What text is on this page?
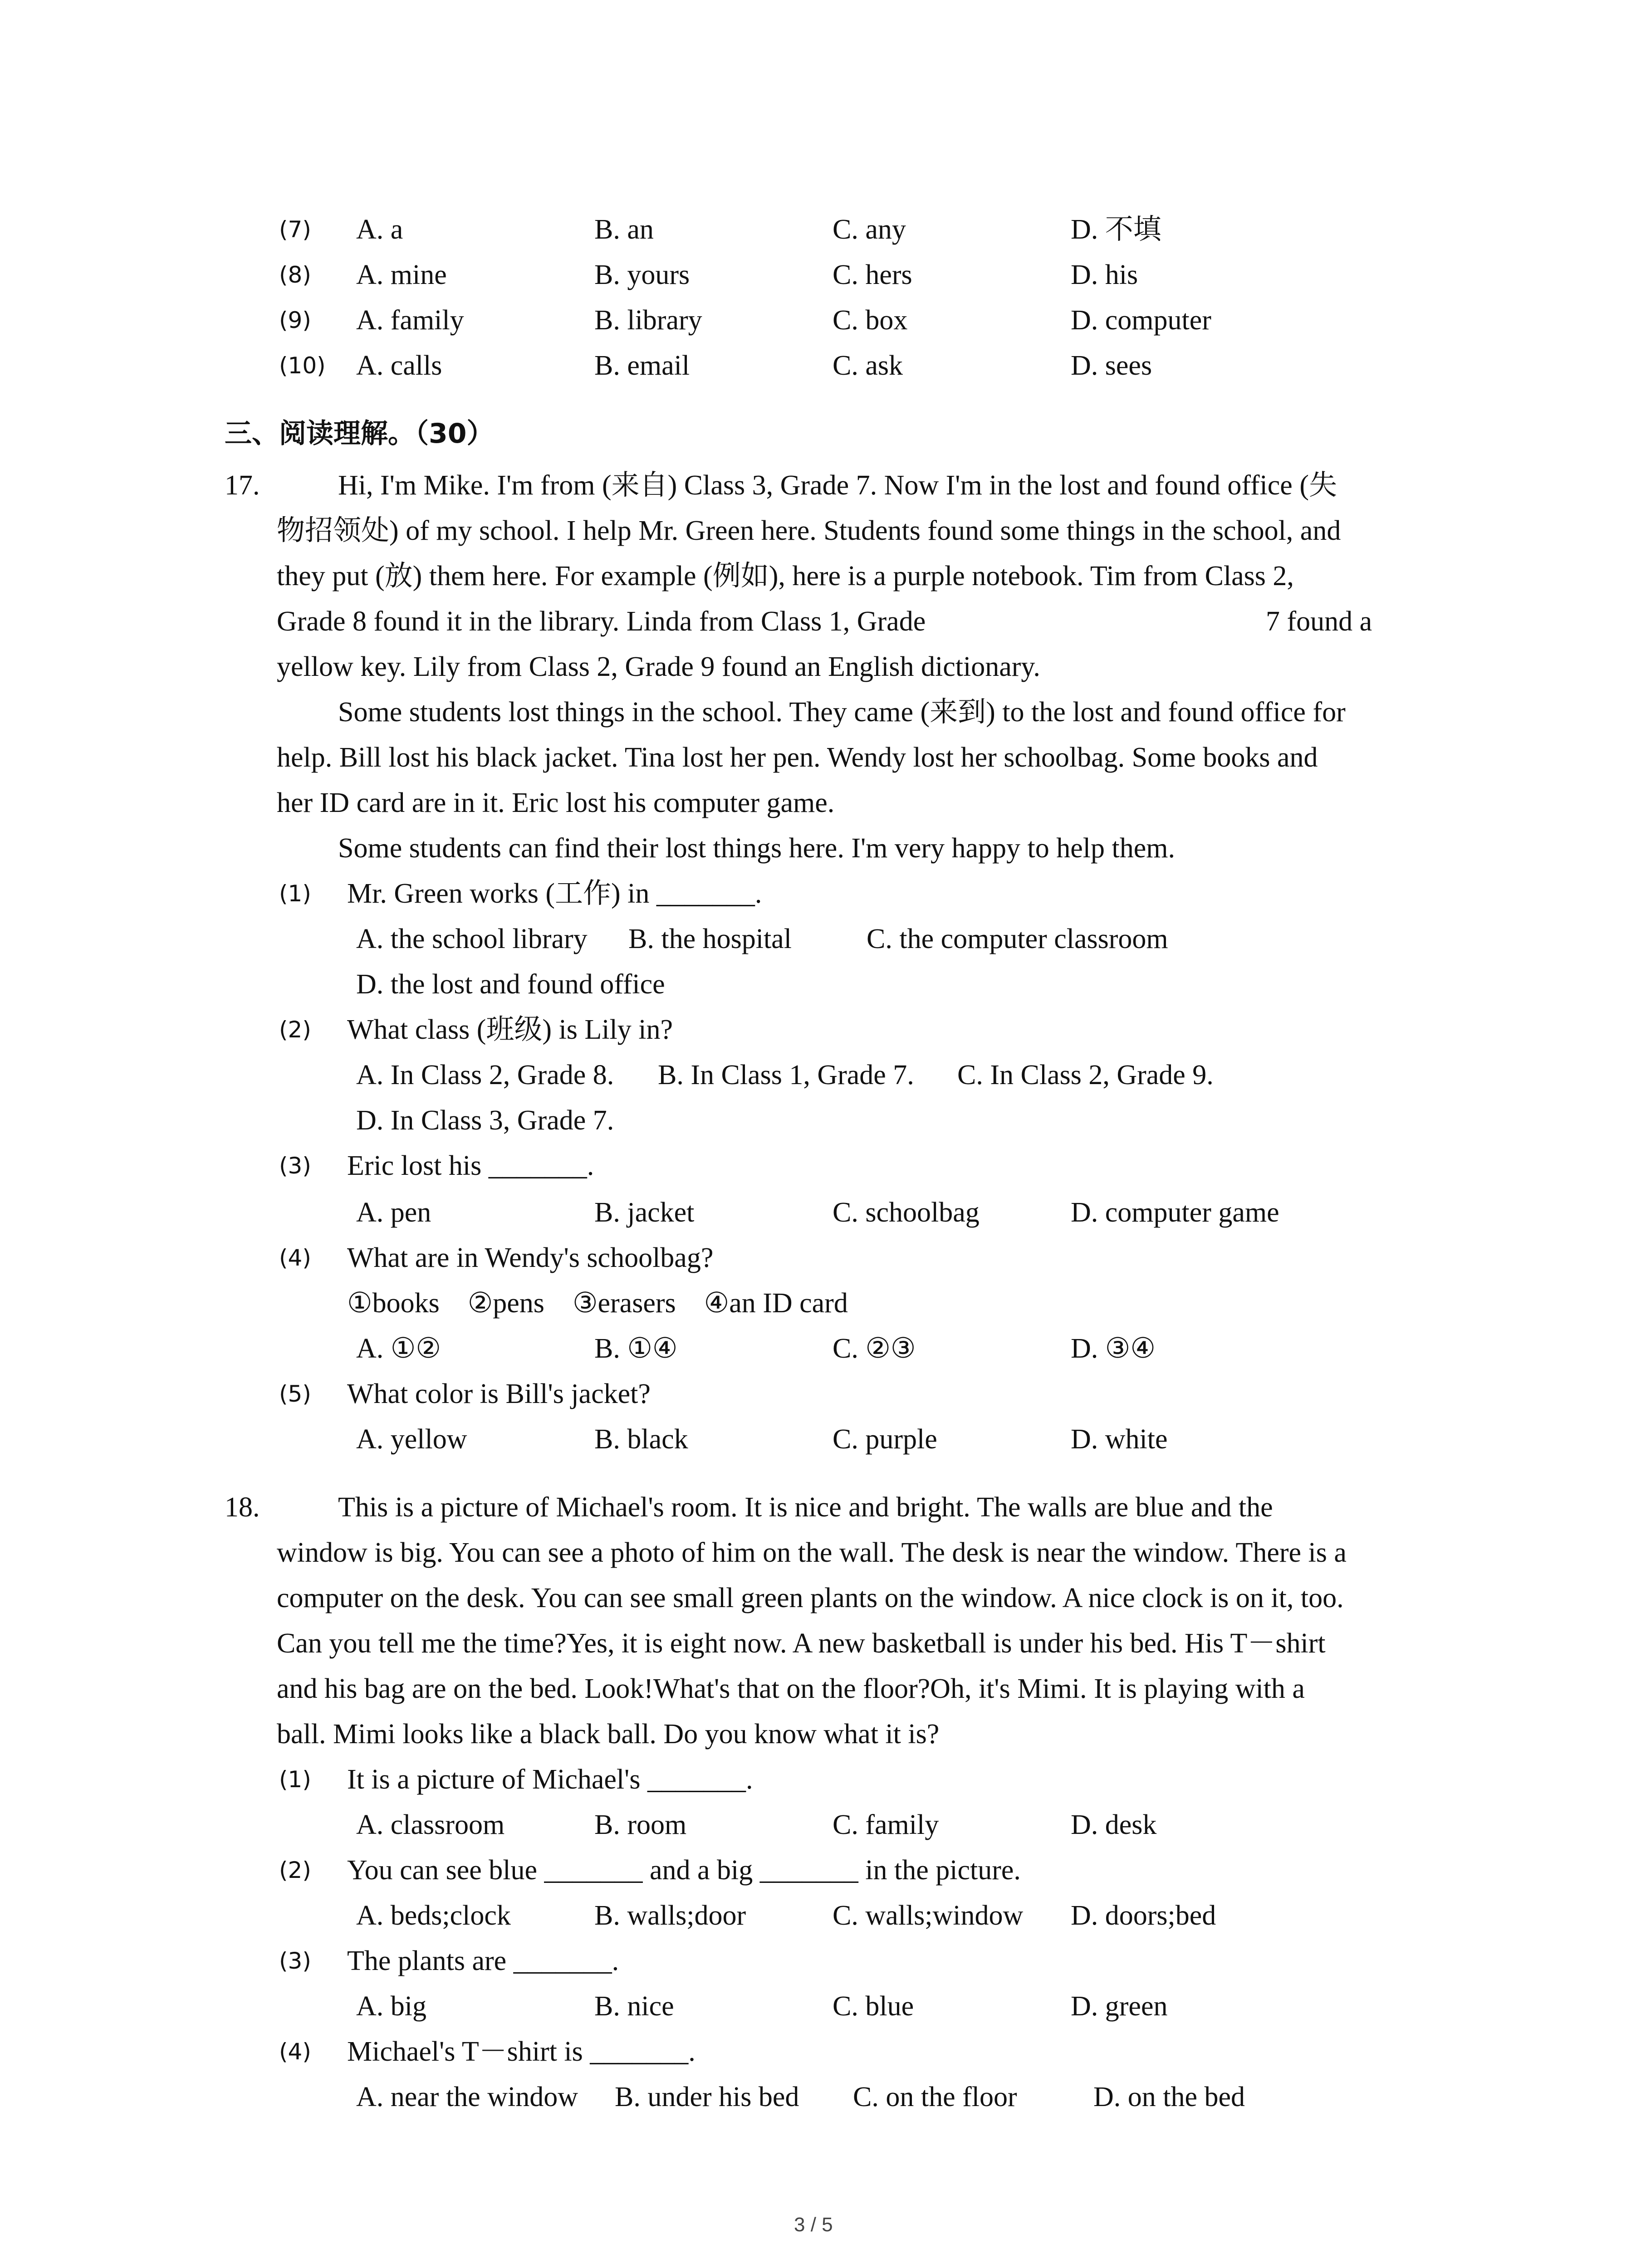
(7) A. a	B. an	C. any	D. 不填
(8) A. mine	B. yours	C. hers	D. his
(9) A. family	B. library	C. box	D. computer
(10) A. calls	B. email	C. ask	D. sees
三、阅读理解。（30）
17.	Hi, I'm Mike. I'm from (来自) Class 3, Grade 7. Now I'm in the lost and found office (失
物招领处) of my school. I help Mr. Green here. Students found some things in the school, and
they put (放) them here. For example (例如), here is a purple notebook. Tim from Class 2,
Grade 8 found it in the library. Linda from Class 1, Grade	7 found a
yellow key. Lily from Class 2, Grade 9 found an English dictionary.
Some students lost things in the school. They came (来到) to the lost and found office for
help. Bill lost his black jacket. Tina lost her pen. Wendy lost her schoolbag. Some books and
her ID card are in it. Eric lost his computer game.
Some students can find their lost things here. I'm very happy to help them.
(1) Mr. Green works (工作) in _______.
A. the school library B. the hospital	C. the computer classroom
D. the lost and found office
(2) What class (班级) is Lily in?
A. In Class 2, Grade 8. B. In Class 1, Grade 7. C. In Class 2, Grade 9.
D. In Class 3, Grade 7.
(3) Eric lost his _______.
A. pen	B. jacket	C. schoolbag	D. computer game
(4) What are in Wendy's schoolbag?
①books    ②pens    ③erasers    ④an ID card
A. ①②	B. ①④	C. ②③	D. ③④
(5) What color is Bill's jacket?
A. yellow	B. black	C. purple	D. white
18.	This is a picture of Michael's room. It is nice and bright. The walls are blue and the
window is big. You can see a photo of him on the wall. The desk is near the window. There is a
computer on the desk. You can see small green plants on the window. A nice clock is on it, too.
Can you tell me the time?Yes, it is eight now. A new basketball is under his bed. His T－shirt
and his bag are on the bed. Look!What's that on the floor?Oh, it's Mimi. It is playing with a
ball. Mimi looks like a black ball. Do you know what it is?
(1) It is a picture of Michael's _______.
A. classroom	B. room	C. family	D. desk
(2) You can see blue _______ and a big _______ in the picture.
A. beds;clock	B. walls;door	C. walls;window D. doors;bed
(3) The plants are _______.
A. big	B. nice	C. blue	D. green
(4) Michael's T－shirt is _______.
A. near the window B. under his bed C. on the floor	D. on the bed
3 / 5
